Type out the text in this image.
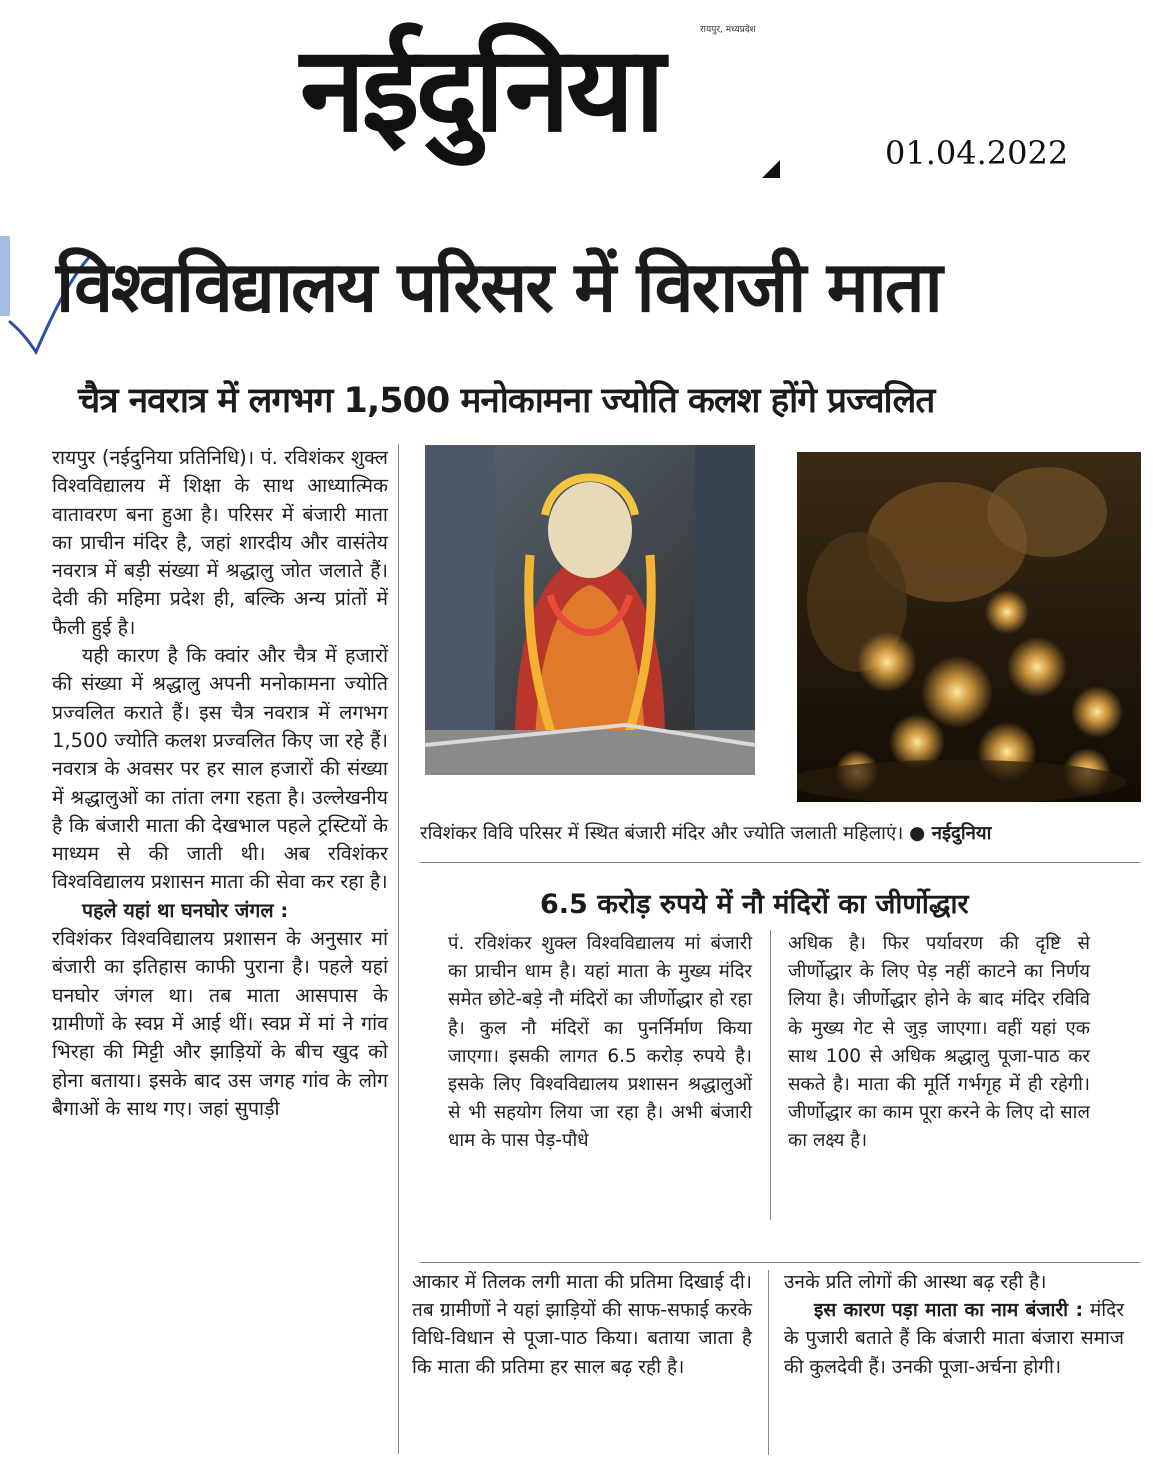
नईदुनिया	रायपुर, मध्यप्रदेश
01.04.2022
विश्वविद्यालय परिसर में विराजी माता
चैत्र नवरात्र में लगभग 1,500 मनोकामना ज्योति कलश होंगे प्रज्वलित

रायपुर (नईदुनिया प्रतिनिधि)। पं. रविशंकर शुक्ल विश्वविद्यालय में शिक्षा के साथ आध्यात्मिक वातावरण बना हुआ है। परिसर में बंजारी माता का प्राचीन मंदिर है, जहां शारदीय और वासंतेय नवरात्र में बड़ी संख्या में श्रद्धालु जोत जलाते हैं। देवी की महिमा प्रदेश ही, बल्कि अन्य प्रांतों में फैली हुई है।

यही कारण है कि क्वांर और चैत्र में हजारों की संख्या में श्रद्धालु अपनी मनोकामना ज्योति प्रज्वलित कराते हैं। इस चैत्र नवरात्र में लगभग 1,500 ज्योति कलश प्रज्वलित किए जा रहे हैं। नवरात्र के अवसर पर हर साल हजारों की संख्या में श्रद्धालुओं का तांता लगा रहता है। उल्लेखनीय है कि बंजारी माता की देखभाल पहले ट्रस्टियों के माध्यम से की जाती थी। अब रविशंकर विश्वविद्यालय प्रशासन माता की सेवा कर रहा है।

पहले यहां था घनघोर जंगल :

रविशंकर विश्वविद्यालय प्रशासन के अनुसार मां बंजारी का इतिहास काफी पुराना है। पहले यहां घनघोर जंगल था। तब माता आसपास के ग्रामीणों के स्वप्न में आई थीं। स्वप्न में मां ने गांव भिरहा की मिट्टी और झाड़ियों के बीच खुद को होना बताया। इसके बाद उस जगह गांव के लोग बैगाओं के साथ गए। जहां सुपाड़ी

रविशंकर विवि परिसर में स्थित बंजारी मंदिर और ज्योति जलाती महिलाएं। ● नईदुनिया
6.5 करोड़ रुपये में नौ मंदिरों का जीर्णोद्धार

पं. रविशंकर शुक्ल विश्वविद्यालय मां बंजारी का प्राचीन धाम है। यहां माता के मुख्य मंदिर समेत छोटे-बड़े नौ मंदिरों का जीर्णोद्धार हो रहा है। कुल नौ मंदिरों का पुनर्निर्माण किया जाएगा। इसकी लागत 6.5 करोड़ रुपये है। इसके लिए विश्वविद्यालय प्रशासन श्रद्धालुओं से भी सहयोग लिया जा रहा है। अभी बंजारी धाम के पास पेड़-पौधे

अधिक है। फिर पर्यावरण की दृष्टि से जीर्णोद्धार के लिए पेड़ नहीं काटने का निर्णय लिया है। जीर्णोद्धार होने के बाद मंदिर रविवि के मुख्य गेट से जुड़ जाएगा। वहीं यहां एक साथ 100 से अधिक श्रद्धालु पूजा-पाठ कर सकते है। माता की मूर्ति गर्भगृह में ही रहेगी। जीर्णोद्धार का काम पूरा करने के लिए दो साल का लक्ष्य है।

आकार में तिलक लगी माता की प्रतिमा दिखाई दी। तब ग्रामीणों ने यहां झाड़ियों की साफ-सफाई करके विधि-विधान से पूजा-पाठ किया। बताया जाता है कि माता की प्रतिमा हर साल बढ़ रही है।

उनके प्रति लोगों की आस्था बढ़ रही है।

इस कारण पड़ा माता का नाम बंजारी : मंदिर के पुजारी बताते हैं कि बंजारी माता बंजारा समाज की कुलदेवी हैं। उनकी पूजा-अर्चना होगी।
